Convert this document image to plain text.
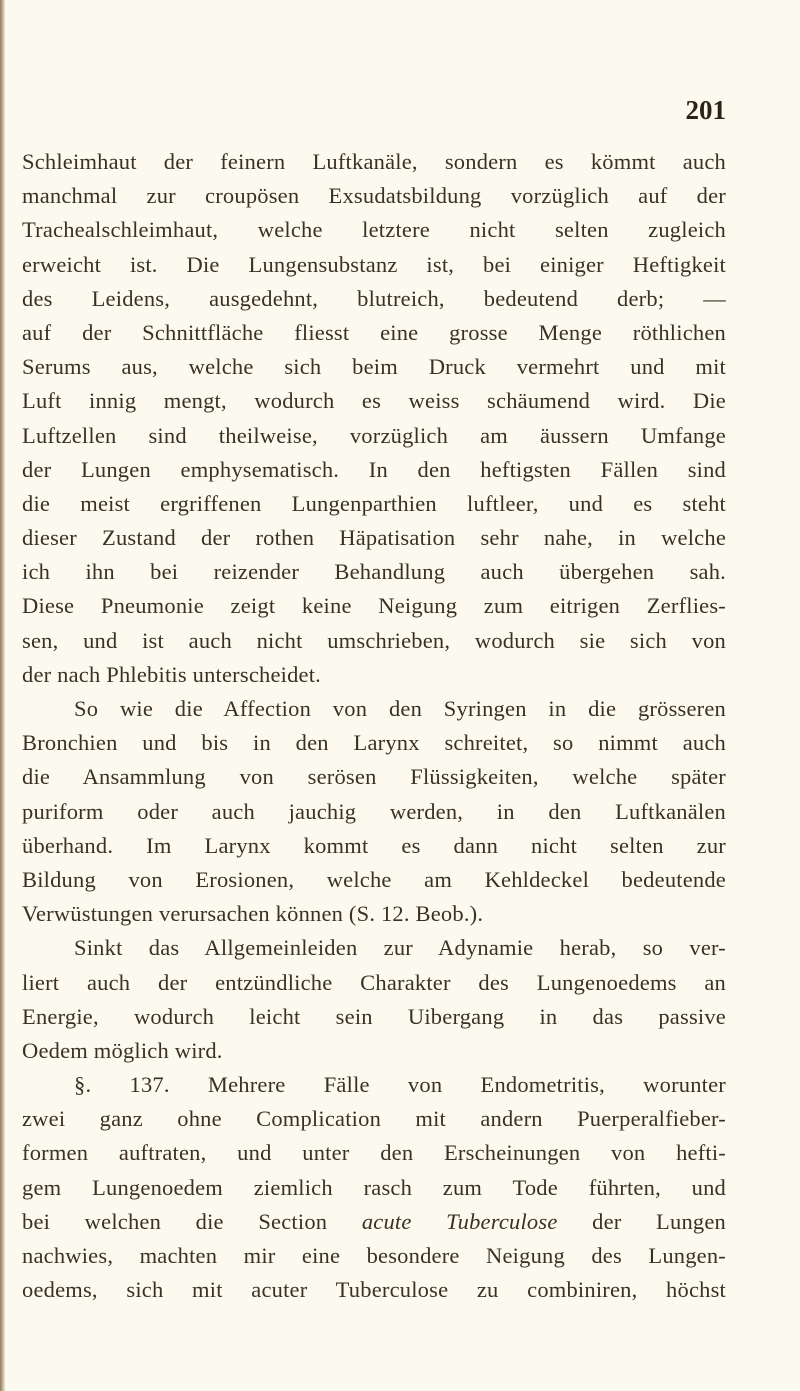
201
Schleimhaut der feinern Luftkanäle, sondern es kömmt auch
manchmal zur croupösen Exsudatsbildung vorzüglich auf der
Trachealschleimhaut, welche letztere nicht selten zugleich
erweicht ist. Die Lungensubstanz ist, bei einiger Heftigkeit
des Leidens, ausgedehnt, blutreich, bedeutend derb; —
auf der Schnittfläche fliesst eine grosse Menge röthlichen
Serums aus, welche sich beim Druck vermehrt und mit
Luft innig mengt, wodurch es weiss schäumend wird. Die
Luftzellen sind theilweise, vorzüglich am äussern Umfange
der Lungen emphysematisch. In den heftigsten Fällen sind
die meist ergriffenen Lungenparthien luftleer, und es steht
dieser Zustand der rothen Häpatisation sehr nahe, in welche
ich ihn bei reizender Behandlung auch übergehen sah.
Diese Pneumonie zeigt keine Neigung zum eitrigen Zerflies-
sen, und ist auch nicht umschrieben, wodurch sie sich von
der nach Phlebitis unterscheidet.
So wie die Affection von den Syringen in die grösseren
Bronchien und bis in den Larynx schreitet, so nimmt auch
die Ansammlung von serösen Flüssigkeiten, welche später
puriform oder auch jauchig werden, in den Luftkanälen
überhand. Im Larynx kommt es dann nicht selten zur
Bildung von Erosionen, welche am Kehldeckel bedeutende
Verwüstungen verursachen können (S. 12. Beob.).
Sinkt das Allgemeinleiden zur Adynamie herab, so ver-
liert auch der entzündliche Charakter des Lungenoedems an
Energie, wodurch leicht sein Uibergang in das passive
Oedem möglich wird.
§. 137. Mehrere Fälle von Endometritis, worunter
zwei ganz ohne Complication mit andern Puerperalfieber-
formen auftraten, und unter den Erscheinungen von hefti-
gem Lungenoedem ziemlich rasch zum Tode führten, und
bei welchen die Section acute Tuberculose der Lungen
nachwies, machten mir eine besondere Neigung des Lungen-
oedems, sich mit acuter Tuberculose zu combiniren, höchst
